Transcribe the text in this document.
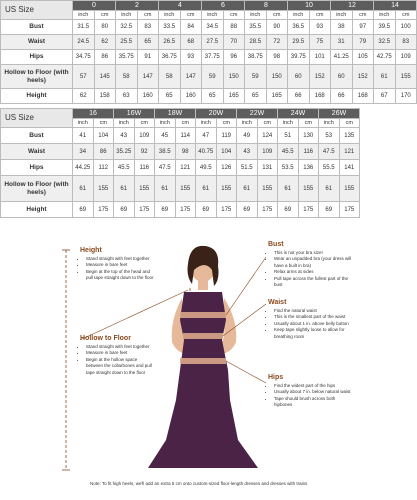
US Size	0		2		4		6		8		10		12		14	
	inch	cm	inch	cm	inch	cm	inch	cm	inch	cm	inch	cm	inch	cm	inch	cm
Bust	31.5	80	32.5	83	33.5	84	34.5	88	35.5	90	36.5	93	38	97	39.5	100
Waist	24.5	62	25.5	65	26.5	68	27.5	70	28.5	72	29.5	75	31	79	32.5	83
Hips	34.75	86	35.75	91	36.75	93	37.75	96	38.75	98	39.75	101	41.25	105	42.75	109
Hollow to Floor (with heels)	57	145	58	147	58	147	59	150	59	150	60	152	60	152	61	155
Height	62	158	63	160	65	160	65	165	65	165	66	168	66	168	67	170
US Size	16		16W		18W		20W		22W		24W		26W	
	inch	cm	inch	cm	inch	cm	inch	cm	inch	cm	inch	cm	inch	cm
Bust	41	104	43	109	45	114	47	119	49	124	51	130	53	135
Waist	34	86	35.25	92	38.5	98	40.75	104	43	109	45.5	116	47.5	121
Hips	44.25	112	45.5	116	47.5	121	49.5	126	51.5	131	53.5	136	55.5	141
Hollow to Floor (with heels)	61	155	61	155	61	155	61	155	61	155	61	155	61	155
Height	69	175	69	175	69	175	69	175	69	175	69	175	69	175
Height
• Stand straight with feet together
• Measure in bare feet
• Begin at the top of the head and pull tape straight down to the floor
Hollow to Floor
• Stand straight with feet together
• Measure in bare feet
• Begin at the hollow space between the collarbones and pull tape straight down to the floor
Bust
• This is not your bra size!
• Wear an unpadded bra (your dress will have a built in bra)
• Relax arms at sides
• Pull tape across the fullest part of the bust
Waist
• Find the natural waist
• This is the smallest part of the waist
• Usually about 1 in. above belly button
• Keep tape slightly loose to allow for breathing room
Hips
• Find the widest part of the hips
• Usually about 7 in. below natural waist
• Tape should brush across both hipbones
Note: To fit high heels, we'll add an extra 5 cm onto custom-sized floor-length dresses and dresses with trains
